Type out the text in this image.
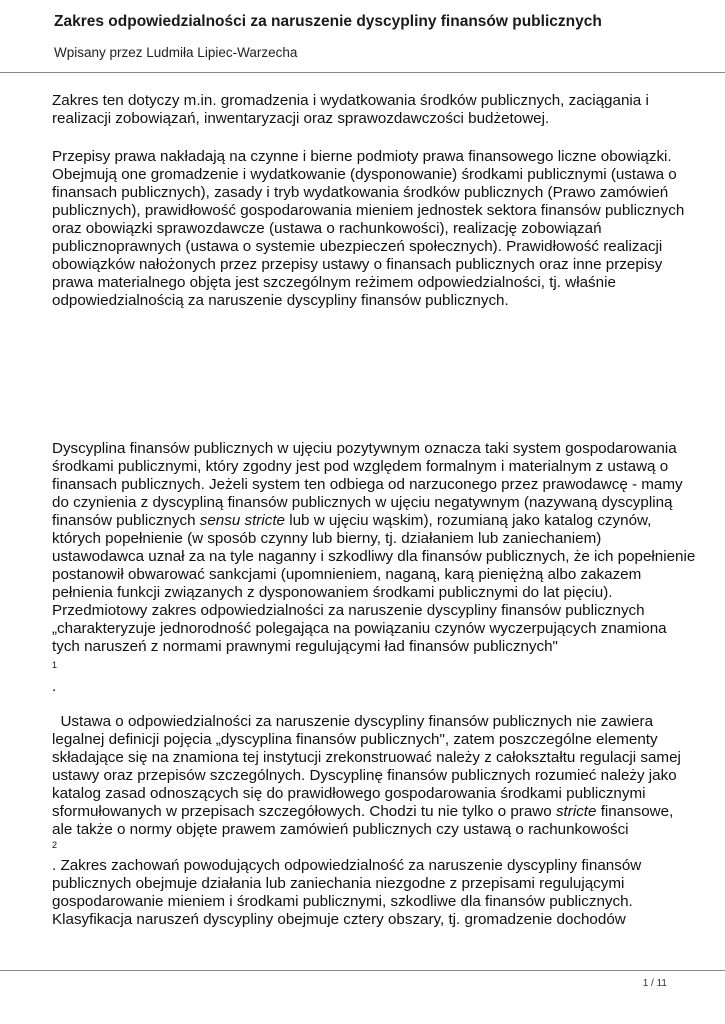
Zakres odpowiedzialności za naruszenie dyscypliny finansów publicznych
Wpisany przez Ludmiła Lipiec-Warzecha
Zakres ten dotyczy m.in. gromadzenia i wydatkowania środków publicznych, zaciągania i
realizacji zobowiązań, inwentaryzacji oraz sprawozdawczości budżetowej.
Przepisy prawa nakładają na czynne i bierne podmioty prawa finansowego liczne obowiązki.
Obejmują one gromadzenie i wydatkowanie (dysponowanie) środkami publicznymi (ustawa o
finansach publicznych), zasady i tryb wydatkowania środków publicznych (Prawo zamówień
publicznych), prawidłowość gospodarowania mieniem jednostek sektora finansów publicznych
oraz obowiązki sprawozdawcze (ustawa o rachunkowości), realizację zobowiązań
publicznoprawnych (ustawa o systemie ubezpieczeń społecznych). Prawidłowość realizacji
obowiązków nałożonych przez przepisy ustawy o finansach publicznych oraz inne przepisy
prawa materialnego objęta jest szczególnym reżimem odpowiedzialności, tj. właśnie
odpowiedzialnością za naruszenie dyscypliny finansów publicznych.
Dyscyplina finansów publicznych w ujęciu pozytywnym oznacza taki system gospodarowania
środkami publicznymi, który zgodny jest pod względem formalnym i materialnym z ustawą o
finansach publicznych. Jeżeli system ten odbiega od narzuconego przez prawodawcę - mamy
do czynienia z dyscypliną finansów publicznych w ujęciu negatywnym (nazywaną dyscypliną
finansów publicznych sensu stricte lub w ujęciu wąskim), rozumianą jako katalog czynów,
których popełnienie (w sposób czynny lub bierny, tj. działaniem lub zaniechaniem)
ustawodawca uznał za na tyle naganny i szkodliwy dla finansów publicznych, że ich popełnienie
postanowił obwarować sankcjami (upomnieniem, naganą, karą pieniężną albo zakazem
pełnienia funkcji związanych z dysponowaniem środkami publicznymi do lat pięciu).
Przedmiotowy zakres odpowiedzialności za naruszenie dyscypliny finansów publicznych
„charakteryzuje jednorodność polegająca na powiązaniu czynów wyczerpujących znamiona
tych naruszeń z normami prawnymi regulującymi ład finansów publicznych"
1
.
Ustawa o odpowiedzialności za naruszenie dyscypliny finansów publicznych nie zawiera
legalnej definicji pojęcia „dyscyplina finansów publicznych", zatem poszczególne elementy
składające się na znamiona tej instytucji zrekonstruować należy z całokształtu regulacji samej
ustawy oraz przepisów szczególnych. Dyscyplinę finansów publicznych rozumieć należy jako
katalog zasad odnoszących się do prawidłowego gospodarowania środkami publicznymi
sformułowanych w przepisach szczegółowych. Chodzi tu nie tylko o prawo stricte finansowe,
ale także o normy objęte prawem zamówień publicznych czy ustawą o rachunkowości
2
. Zakres zachowań powodujących odpowiedzialność za naruszenie dyscypliny finansów
publicznych obejmuje działania lub zaniechania niezgodne z przepisami regulującymi
gospodarowanie mieniem i środkami publicznymi, szkodliwe dla finansów publicznych.
Klasyfikacja naruszeń dyscypliny obejmuje cztery obszary, tj. gromadzenie dochodów
1 / 11
